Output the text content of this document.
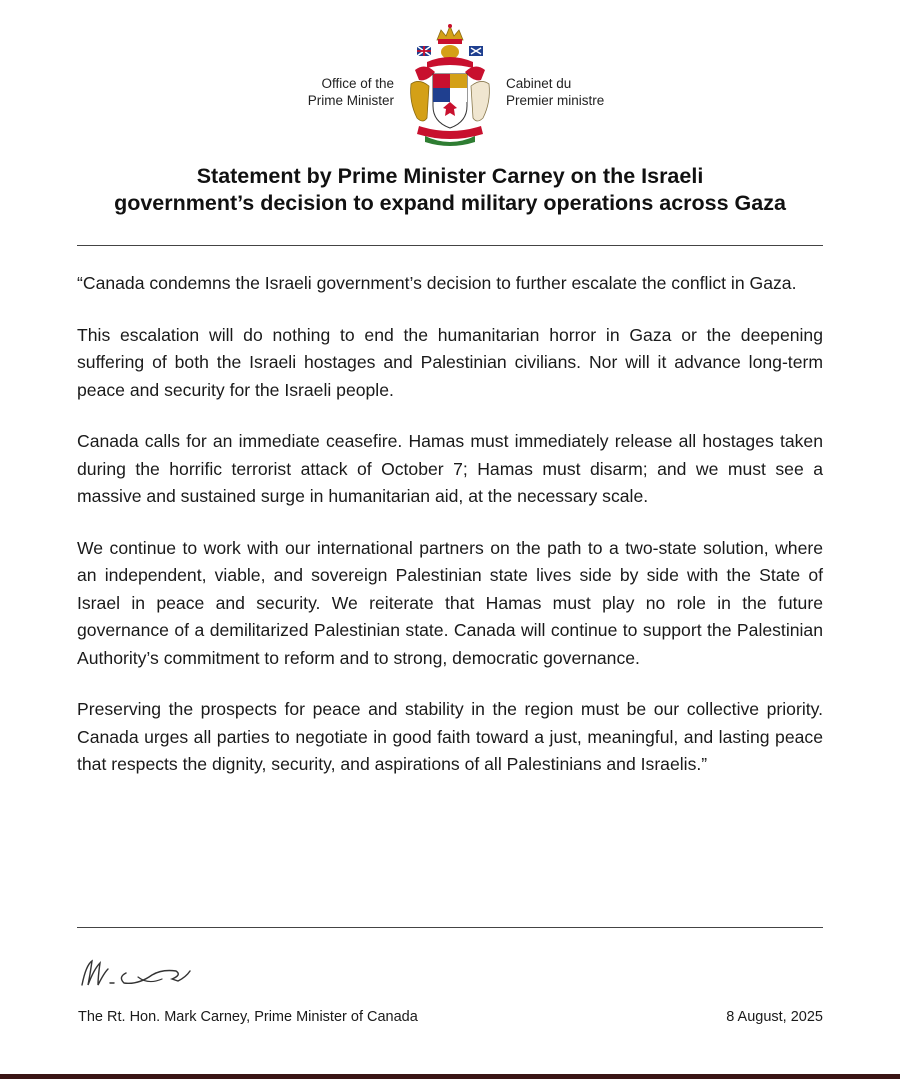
Office of the
Prime Minister
Cabinet du
Premier ministre
Statement by Prime Minister Carney on the Israeli
government’s decision to expand military operations across Gaza

“Canada condemns the Israeli government’s decision to further escalate the conflict in Gaza.

This escalation will do nothing to end the humanitarian horror in Gaza or the deepening suffering of both the Israeli hostages and Palestinian civilians. Nor will it advance long-term peace and security for the Israeli people.

Canada calls for an immediate ceasefire. Hamas must immediately release all hostages taken during the horrific terrorist attack of October 7; Hamas must disarm; and we must see a massive and sustained surge in humanitarian aid, at the necessary scale.

We continue to work with our international partners on the path to a two-state solution, where an independent, viable, and sovereign Palestinian state lives side by side with the State of Israel in peace and security. We reiterate that Hamas must play no role in the future governance of a demilitarized Palestinian state. Canada will continue to support the Palestinian Authority’s commitment to reform and to strong, democratic governance.

Preserving the prospects for peace and stability in the region must be our collective priority. Canada urges all parties to negotiate in good faith toward a just, meaningful, and lasting peace that respects the dignity, security, and aspirations of all Palestinians and Israelis.”

The Rt. Hon. Mark Carney, Prime Minister of Canada	8 August, 2025
